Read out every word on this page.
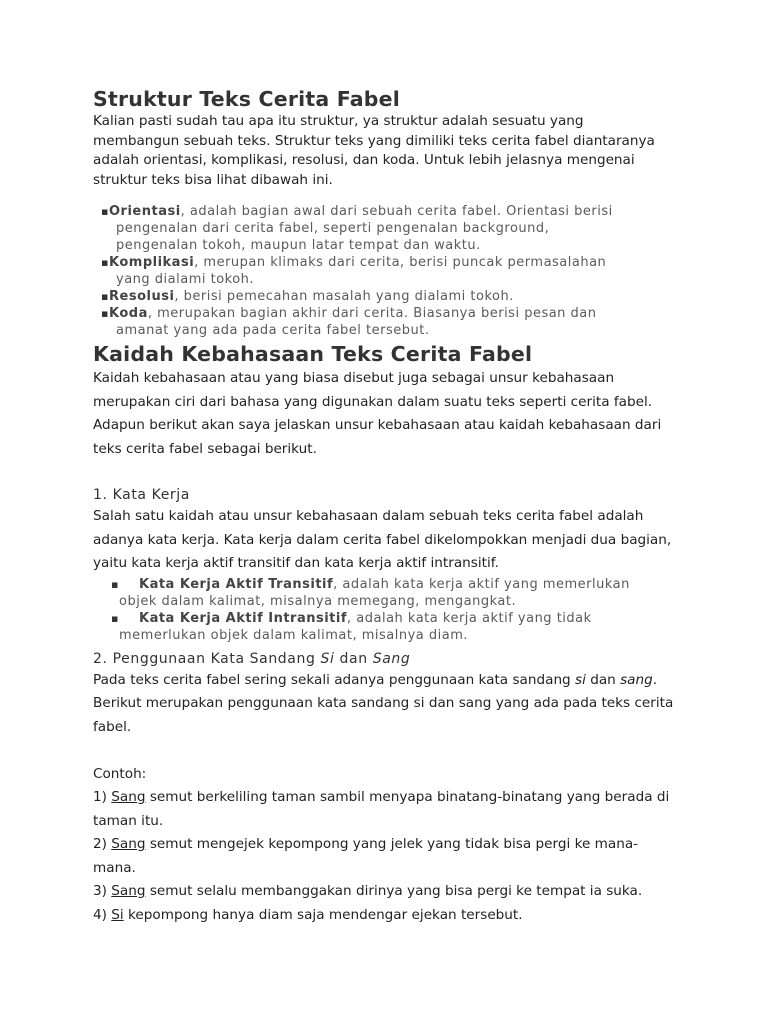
Struktur Teks Cerita Fabel

Kalian pasti sudah tau apa itu struktur, ya struktur adalah sesuatu yang
membangun sebuah teks. Struktur teks yang dimiliki teks cerita fabel diantaranya
adalah orientasi, komplikasi, resolusi, dan koda. Untuk lebih jelasnya mengenai
struktur teks bisa lihat dibawah ini.

▪Orientasi, adalah bagian awal dari sebuah cerita fabel. Orientasi berisi
pengenalan dari cerita fabel, seperti pengenalan background,
pengenalan tokoh, maupun latar tempat dan waktu.
▪Komplikasi, merupan klimaks dari cerita, berisi puncak permasalahan
yang dialami tokoh.
▪Resolusi, berisi pemecahan masalah yang dialami tokoh.
▪Koda, merupakan bagian akhir dari cerita. Biasanya berisi pesan dan
amanat yang ada pada cerita fabel tersebut.
Kaidah Kebahasaan Teks Cerita Fabel

Kaidah kebahasaan atau yang biasa disebut juga sebagai unsur kebahasaan
merupakan ciri dari bahasa yang digunakan dalam suatu teks seperti cerita fabel.
Adapun berikut akan saya jelaskan unsur kebahasaan atau kaidah kebahasaan dari
teks cerita fabel sebagai berikut.

1. Kata Kerja

Salah satu kaidah atau unsur kebahasaan dalam sebuah teks cerita fabel adalah
adanya kata kerja. Kata kerja dalam cerita fabel dikelompokkan menjadi dua bagian,
yaitu kata kerja aktif transitif dan kata kerja aktif intransitif.

▪ Kata Kerja Aktif Transitif, adalah kata kerja aktif yang memerlukan
objek dalam kalimat, misalnya memegang, mengangkat.
▪ Kata Kerja Aktif Intransitif, adalah kata kerja aktif yang tidak
memerlukan objek dalam kalimat, misalnya diam.
2. Penggunaan Kata Sandang Si dan Sang

Pada teks cerita fabel sering sekali adanya penggunaan kata sandang si dan sang.
Berikut merupakan penggunaan kata sandang si dan sang yang ada pada teks cerita
fabel.

Contoh:
1) Sang semut berkeliling taman sambil menyapa binatang-binatang yang berada di
taman itu.
2) Sang semut mengejek kepompong yang jelek yang tidak bisa pergi ke mana-
mana.
3) Sang semut selalu membanggakan dirinya yang bisa pergi ke tempat ia suka.
4) Si kepompong hanya diam saja mendengar ejekan tersebut.
